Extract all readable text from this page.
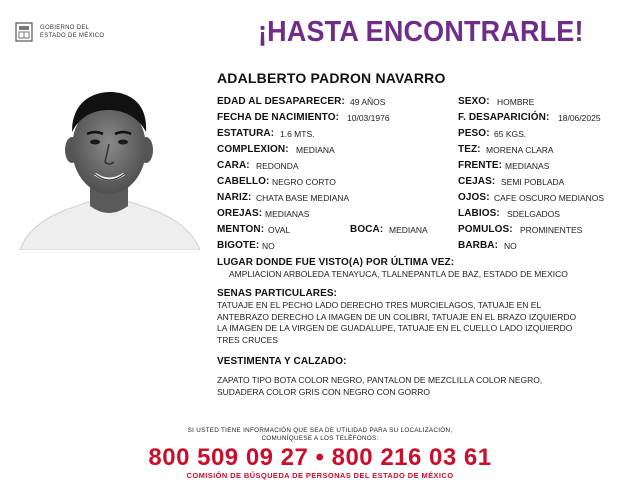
GOBIERNO DEL
ESTADO DE MÉXICO	¡HASTA ENCONTRARLE!
ADALBERTO PADRON NAVARRO
EDAD AL DESAPARECER: 49 AÑOS
FECHA DE NACIMIENTO: 10/03/1976
ESTATURA: 1.6 MTS.
COMPLEXION: MEDIANA
CARA: REDONDA
CABELLO: NEGRO CORTO
NARIZ: CHATA BASE MEDIANA
OREJAS: MEDIANAS
MENTON: OVAL	BOCA: MEDIANA
BIGOTE: NO
SEXO: HOMBRE
F. DESAPARICIÓN: 18/06/2025
PESO: 65 KGS.
TEZ: MORENA CLARA
FRENTE: MEDIANAS
CEJAS: SEMI POBLADA
OJOS: CAFE OSCURO MEDIANOS
LABIOS: SDELGADOS
POMULOS: PROMINENTES
BARBA: NO
LUGAR DONDE FUE VISTO(A) POR ÚLTIMA VEZ:
AMPLIACION ARBOLEDA TENAYUCA, TLALNEPANTLA DE BAZ, ESTADO DE MEXICO
SENAS PARTICULARES:
TATUAJE EN EL PECHO LADO DERECHO TRES MURCIELAGOS, TATUAJE EN EL
ANTEBRAZO DERECHO LA IMAGEN DE UN COLIBRI, TATUAJE EN EL BRAZO IZQUIERDO
LA IMAGEN DE LA VIRGEN DE GUADALUPE, TATUAJE EN EL CUELLO LADO IZQUIERDO
TRES CRUCES
VESTIMENTA Y CALZADO:
ZAPATO TIPO BOTA COLOR NEGRO, PANTALON DE MEZCLILLA COLOR NEGRO,
SUDADERA COLOR GRIS CON NEGRO CON GORRO
SI USTED TIENE INFORMACIÓN QUE SEA DE UTILIDAD PARA SU LOCALIZACIÓN,
COMUNÍQUESE A LOS TELÉFONOS:
800 509 09 27 • 800 216 03 61
COMISIÓN DE BÚSQUEDA DE PERSONAS DEL ESTADO DE MÉXICO
